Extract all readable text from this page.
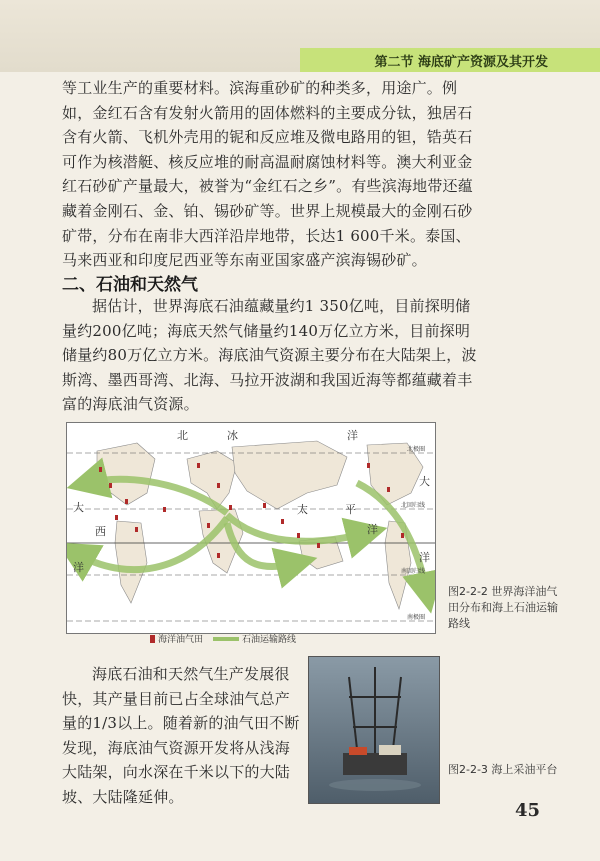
第二节 海底矿产资源及其开发

等工业生产的重要材料。滨海重砂矿的种类多，用途广。例如，金红石含有发射火箭用的固体燃料的主要成分钛，独居石含有火箭、飞机外壳用的铌和反应堆及微电路用的钽，锆英石可作为核潜艇、核反应堆的耐高温耐腐蚀材料等。澳大利亚金红石砂矿产量最大，被誉为“金红石之乡”。有些滨海地带还蕴藏着金刚石、金、铂、锡砂矿等。世界上规模最大的金刚石砂矿带，分布在南非大西洋沿岸地带，长达1 600千米。泰国、马来西亚和印度尼西亚等东南亚国家盛产滨海锡砂矿。

二、石油和天然气

据估计，世界海底石油蕴藏量约1 350亿吨，目前探明储量约200亿吨；海底天然气储量约140万亿立方米，目前探明储量约80万亿立方米。海底油气资源主要分布在大陆架上，波斯湾、墨西哥湾、北海、马拉开波湖和我国近海等都蕴藏着丰富的海底油气资源。

北	冰	洋
太	平
洋
大
西
洋
大
洋
北极圈
北回归线
南回归线
南极圈
海洋油气田	石油运输路线
图2-2-2 世界海洋油气田分布和海上石油运输路线

海底石油和天然气生产发展很快，其产量目前已占全球油气总产量的1/3以上。随着新的油气田不断发现，海底油气资源开发将从浅海大陆架，向水深在千米以下的大陆坡、大陆隆延伸。

图2-2-3 海上采油平台
45
